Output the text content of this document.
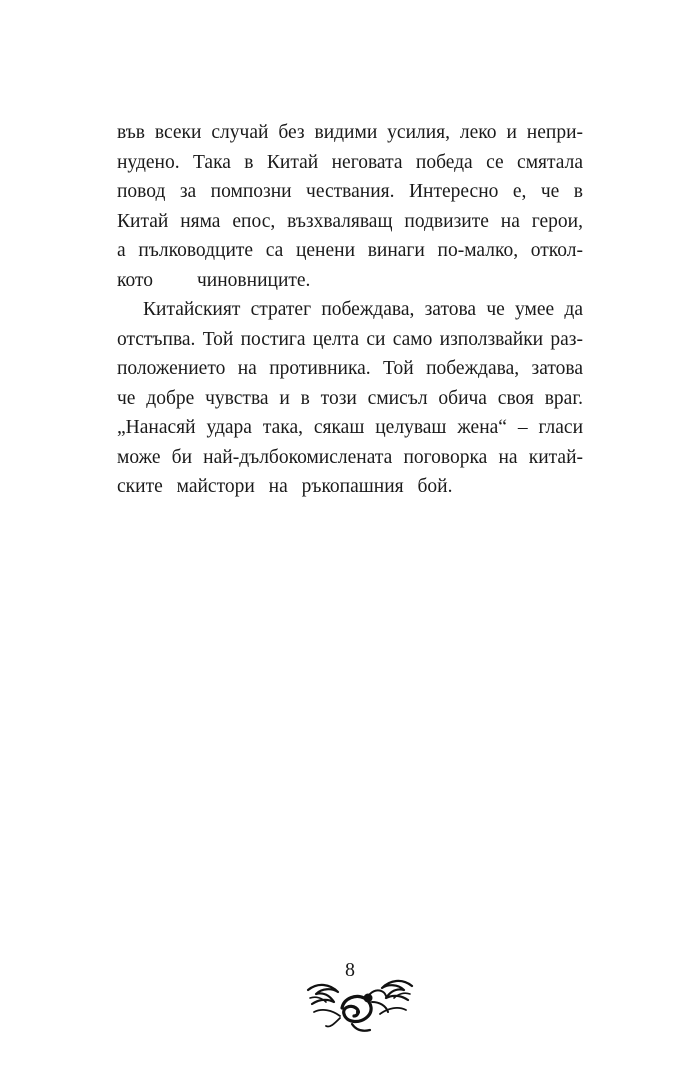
във всеки случай без видими усилия, леко и непри-
нудено. Така в Китай неговата победа се смятала
повод за помпозни чествания. Интересно е, че в
Китай няма епос, възхваляващ подвизите на герои,
а пълководците са ценени винаги по-малко, откол-
кото чиновниците.
Китайският стратег побеждава, затова че умее да
отстъпва. Той постига целта си само използвайки раз-
положението на противника. Той побеждава, затова
че добре чувства и в този смисъл обича своя враг.
„Нанасяй удара така, сякаш целуваш жена“ – гласи
може би най-дълбокомислената поговорка на китай-
ските майстори на ръкопашния бой.
8
